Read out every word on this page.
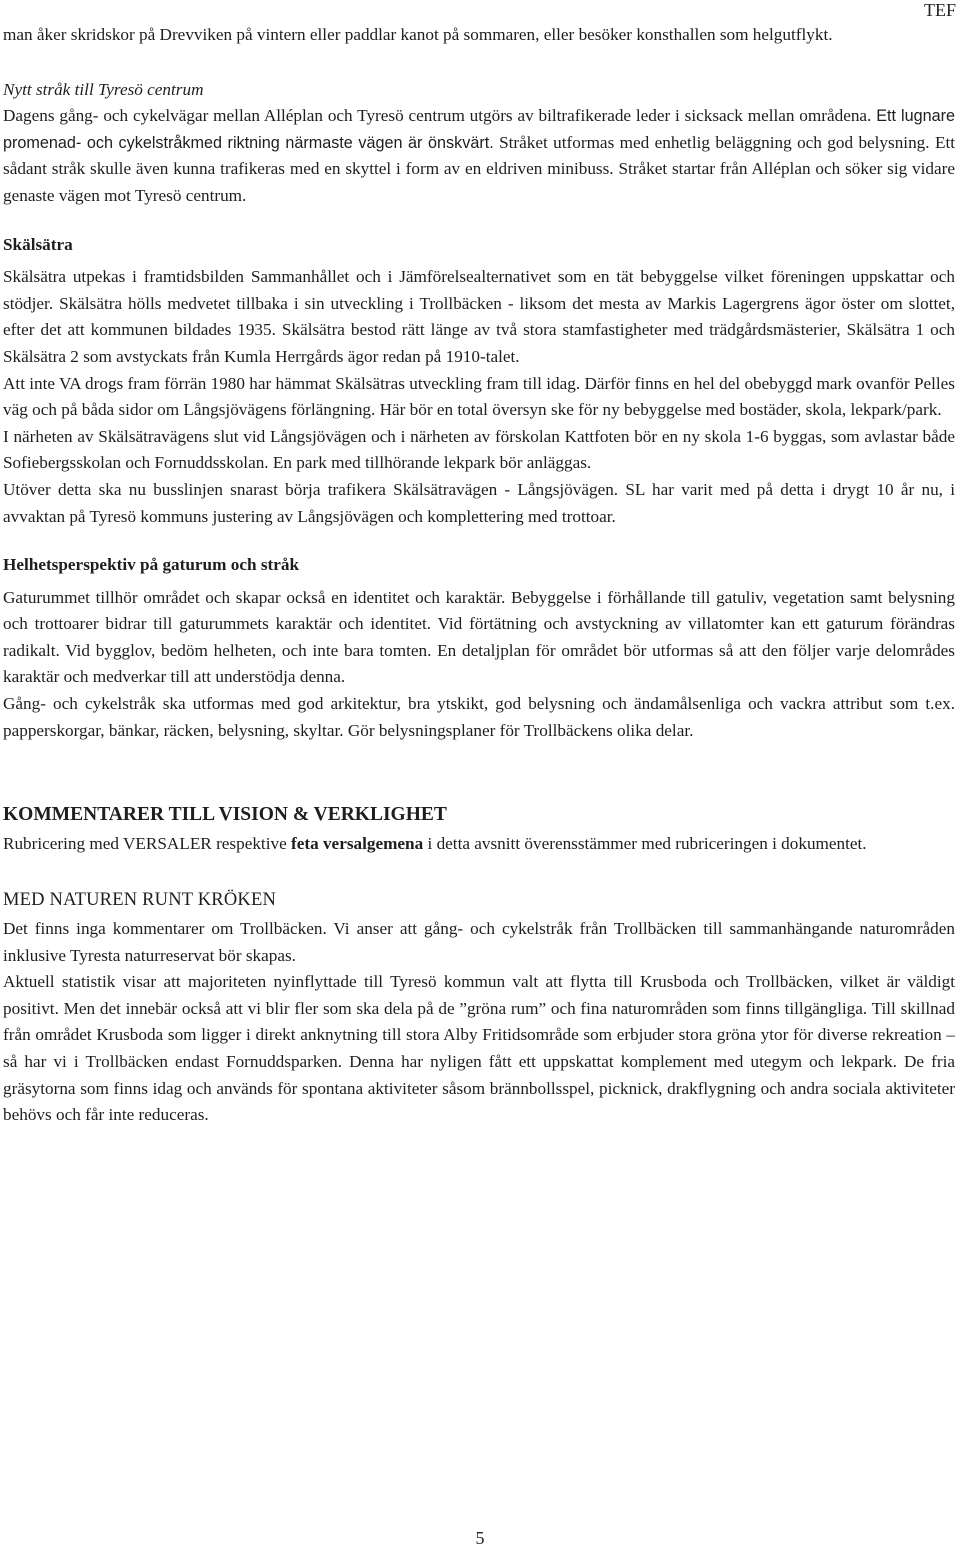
TEF

man åker skridskor på Drevviken på vintern eller paddlar kanot på sommaren, eller besöker konsthallen som helgutflykt.

Nytt stråk till Tyresö centrum

Dagens gång- och cykelvägar mellan Alléplan och Tyresö centrum utgörs av biltrafikerade leder i sicksack mellan områdena. Ett lugnare promenad- och cykelstråkmed riktning närmaste vägen är önskvärt. Stråket utformas med enhetlig beläggning och god belysning. Ett sådant stråk skulle även kunna trafikeras med en skyttel i form av en eldriven minibuss. Stråket startar från Alléplan och söker sig vidare genaste vägen mot Tyresö centrum.

Skälsätra

Skälsätra utpekas i framtidsbilden Sammanhållet och i Jämförelsealternativet som en tät bebyggelse vilket föreningen uppskattar och stödjer. Skälsätra hölls medvetet tillbaka i sin utveckling i Trollbäcken - liksom det mesta av Markis Lagergrens ägor öster om slottet, efter det att kommunen bildades 1935. Skälsätra bestod rätt länge av två stora stamfastigheter med trädgårdsmästerier, Skälsätra 1 och Skälsätra 2 som avstyckats från Kumla Herrgårds ägor redan på 1910-talet.

Att inte VA drogs fram förrän 1980 har hämmat Skälsätras utveckling fram till idag. Därför finns en hel del obebyggd mark ovanför Pelles väg och på båda sidor om Långsjövägens förlängning. Här bör en total översyn ske för ny bebyggelse med bostäder, skola, lekpark/park.

I närheten av Skälsätravägens slut vid Långsjövägen och i närheten av förskolan Kattfoten bör en ny skola 1-6 byggas, som avlastar både Sofiebergsskolan och Fornuddsskolan. En park med tillhörande lekpark bör anläggas.

Utöver detta ska nu busslinjen snarast börja trafikera Skälsätravägen - Långsjövägen. SL har varit med på detta i drygt 10 år nu, i avvaktan på Tyresö kommuns justering av Långsjövägen och komplettering med trottoar.

Helhetsperspektiv på gaturum och stråk

Gaturummet tillhör området och skapar också en identitet och karaktär. Bebyggelse i förhållande till gatuliv, vegetation samt belysning och trottoarer bidrar till gaturummets karaktär och identitet. Vid förtätning och avstyckning av villatomter kan ett gaturum förändras radikalt. Vid bygglov, bedöm helheten, och inte bara tomten. En detaljplan för området bör utformas så att den följer varje delområdes karaktär och medverkar till att understödja denna.

Gång- och cykelstråk ska utformas med god arkitektur, bra ytskikt, god belysning och ändamålsenliga och vackra attribut som t.ex. papperskorgar, bänkar, räcken, belysning, skyltar. Gör belysningsplaner för Trollbäckens olika delar.

KOMMENTARER TILL VISION & VERKLIGHET

Rubricering med VERSALER respektive feta versalgemena i detta avsnitt överensstämmer med rubriceringen i dokumentet.

MED NATUREN RUNT KRÖKEN

Det finns inga kommentarer om Trollbäcken. Vi anser att gång- och cykelstråk från Trollbäcken till sammanhängande naturområden inklusive Tyresta naturreservat bör skapas.

Aktuell statistik visar att majoriteten nyinflyttade till Tyresö kommun valt att flytta till Krusboda och Trollbäcken, vilket är väldigt positivt. Men det innebär också att vi blir fler som ska dela på de ”gröna rum” och fina naturområden som finns tillgängliga. Till skillnad från området Krusboda som ligger i direkt anknytning till stora Alby Fritidsområde som erbjuder stora gröna ytor för diverse rekreation – så har vi i Trollbäcken endast Fornuddsparken. Denna har nyligen fått ett uppskattat komplement med utegym och lekpark. De fria gräsytorna som finns idag och används för spontana aktiviteter såsom brännbollsspel, picknick, drakflygning och andra sociala aktiviteter behövs och får inte reduceras.

5
